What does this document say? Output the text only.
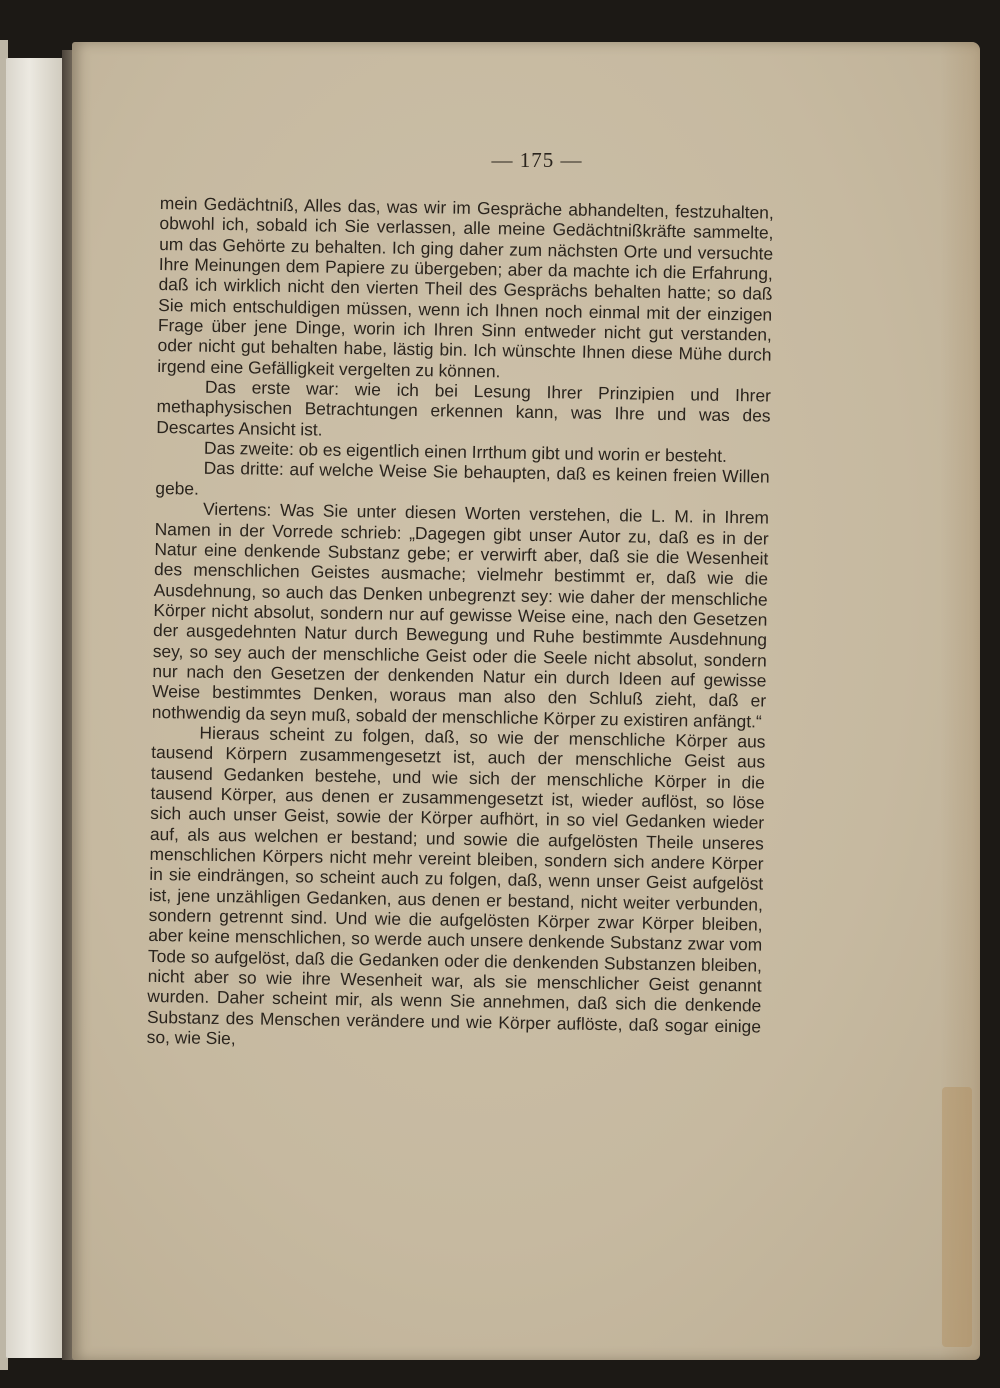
— 175 —

mein Gedächtniß, Alles das, was wir im Gespräche abhandelten, festzuhalten, obwohl ich, sobald ich Sie verlassen, alle meine Gedächtnißkräfte sammelte, um das Gehörte zu behalten. Ich ging daher zum nächsten Orte und versuchte Ihre Meinungen dem Papiere zu übergeben; aber da machte ich die Erfahrung, daß ich wirklich nicht den vierten Theil des Gesprächs behalten hatte; so daß Sie mich entschuldigen müssen, wenn ich Ihnen noch einmal mit der einzigen Frage über jene Dinge, worin ich Ihren Sinn entweder nicht gut verstanden, oder nicht gut behalten habe, lästig bin. Ich wünschte Ihnen diese Mühe durch irgend eine Gefälligkeit vergelten zu können.

Das erste war: wie ich bei Lesung Ihrer Prinzipien und Ihrer methaphysischen Betrachtungen erkennen kann, was Ihre und was des Descartes Ansicht ist.

Das zweite: ob es eigentlich einen Irrthum gibt und worin er besteht.

Das dritte: auf welche Weise Sie behaupten, daß es keinen freien Willen gebe.

Viertens: Was Sie unter diesen Worten verstehen, die L. M. in Ihrem Namen in der Vorrede schrieb: „Dagegen gibt unser Autor zu, daß es in der Natur eine denkende Substanz gebe; er verwirft aber, daß sie die Wesenheit des menschlichen Geistes ausmache; vielmehr bestimmt er, daß wie die Ausdehnung, so auch das Denken unbegrenzt sey: wie daher der menschliche Körper nicht absolut, sondern nur auf gewisse Weise eine, nach den Gesetzen der ausgedehnten Natur durch Bewegung und Ruhe bestimmte Ausdehnung sey, so sey auch der menschliche Geist oder die Seele nicht absolut, sondern nur nach den Gesetzen der denkenden Natur ein durch Ideen auf gewisse Weise bestimmtes Denken, woraus man also den Schluß zieht, daß er nothwendig da seyn muß, sobald der menschliche Körper zu existiren anfängt.“

Hieraus scheint zu folgen, daß, so wie der menschliche Körper aus tausend Körpern zusammengesetzt ist, auch der menschliche Geist aus tausend Gedanken bestehe, und wie sich der menschliche Körper in die tausend Körper, aus denen er zusammengesetzt ist, wieder auflöst, so löse sich auch unser Geist, sowie der Körper aufhört, in so viel Gedanken wieder auf, als aus welchen er bestand; und sowie die aufgelösten Theile unseres menschlichen Körpers nicht mehr vereint bleiben, sondern sich andere Körper in sie eindrängen, so scheint auch zu folgen, daß, wenn unser Geist aufgelöst ist, jene unzähligen Gedanken, aus denen er bestand, nicht weiter verbunden, sondern getrennt sind. Und wie die aufgelösten Körper zwar Körper bleiben, aber keine menschlichen, so werde auch unsere denkende Substanz zwar vom Tode so aufgelöst, daß die Gedanken oder die denkenden Substanzen bleiben, nicht aber so wie ihre Wesenheit war, als sie menschlicher Geist genannt wurden. Daher scheint mir, als wenn Sie annehmen, daß sich die denkende Substanz des Menschen verändere und wie Körper auflöste, daß sogar einige so, wie Sie,
